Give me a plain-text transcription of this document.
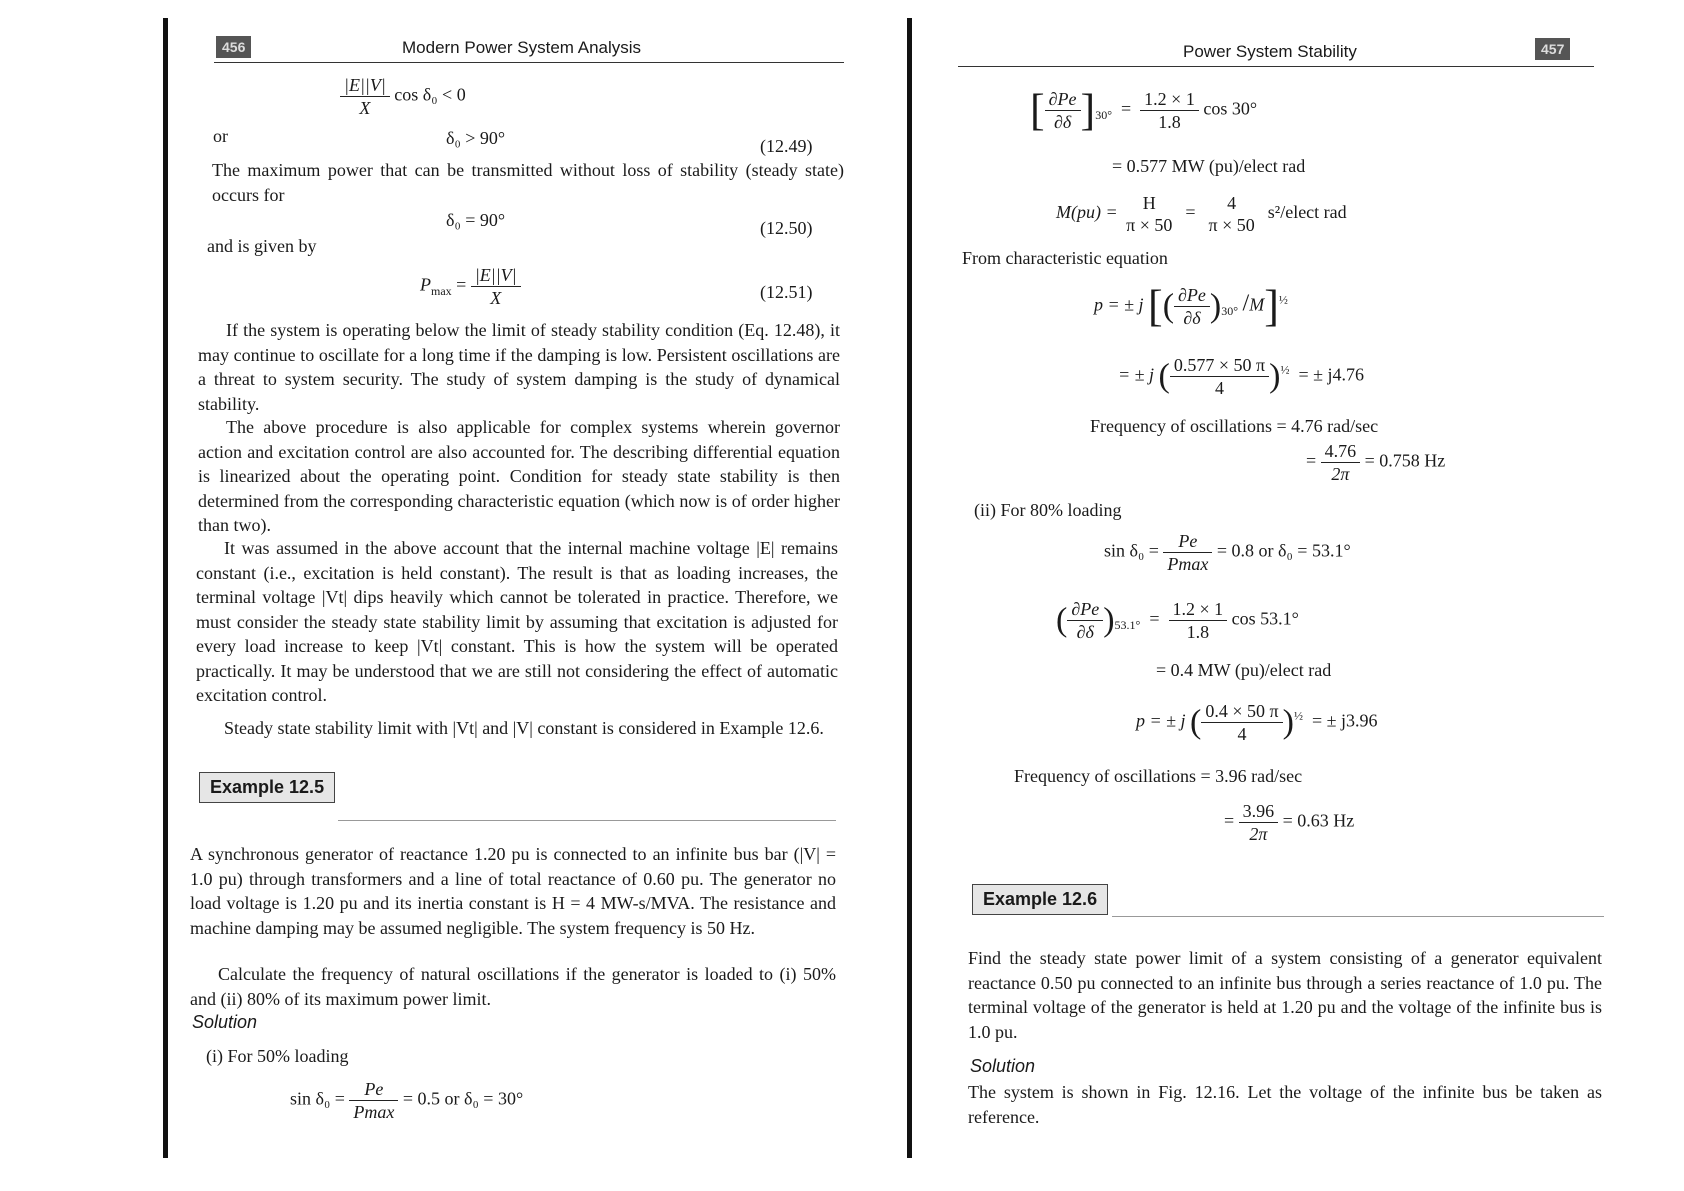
456	Modern Power System Analysis
$\frac{|E||V|}{X}$ cos δ₀ < 0
or	δ₀ > 90°	(12.49)
The maximum power that can be transmitted without loss of stability (steady state) occurs for
δ₀ = 90°	(12.50)
and is given by
$P_{max} = \frac{|E||V|}{X}$	(12.51)
If the system is operating below the limit of steady stability condition (Eq. 12.48), it may continue to oscillate for a long time if the damping is low. Persistent oscillations are a threat to system security. The study of system damping is the study of dynamical stability.
The above procedure is also applicable for complex systems wherein governor action and excitation control are also accounted for. The describing differential equation is linearized about the operating point. Condition for steady state stability is then determined from the corresponding characteristic equation (which now is of order higher than two).
It was assumed in the above account that the internal machine voltage |E| remains constant (i.e., excitation is held constant). The result is that as loading increases, the terminal voltage |Vt| dips heavily which cannot be tolerated in practice. Therefore, we must consider the steady state stability limit by assuming that excitation is adjusted for every load increase to keep |Vt| constant. This is how the system will be operated practically. It may be understood that we are still not considering the effect of automatic excitation control.
Steady state stability limit with |Vt| and |V| constant is considered in Example 12.6.
Example 12.5
A synchronous generator of reactance 1.20 pu is connected to an infinite bus bar (|V| = 1.0 pu) through transformers and a line of total reactance of 0.60 pu. The generator no load voltage is 1.20 pu and its inertia constant is H = 4 MW-s/MVA. The resistance and machine damping may be assumed negligible. The system frequency is 50 Hz.
Calculate the frequency of natural oscillations if the generator is loaded to (i) 50% and (ii) 80% of its maximum power limit.
Solution
(i) For 50% loading
$\sin \delta_0 = \frac{Pe}{Pmax} = 0.5$ or δ₀ = 30°
Power System Stability	457
[ $\frac{\partial Pe}{\partial\delta} ]_{30^\circ} = \frac{1.2 \times 1}{1.8}$ cos 30°
= 0.577 MW (pu)/elect rad
M(pu) =	H
π × 50
=	4
π × 50
s²/elect rad
From characteristic equation
p = ± j [( $\frac{\partial Pe}{\partial\delta} )_{30^\circ}$ /M]$^{\frac{1}{2}}$
= ± j ( $\frac{0.577 \times 50 \pi}{4} )^{\frac{1}{2}}$ = ± j4.76
Frequency of oscillations = 4.76 rad/sec
= $\frac{4.76}{2\pi} = 0.758$ Hz
(ii) For 80% loading
$\sin \delta_0 = \frac{Pe}{Pmax} = 0.8$ or δ₀ = 53.1°
( $\frac{\partial Pe}{\partial\delta} )_{53.1^\circ} = \frac{1.2 \times 1}{1.8}$ cos 53.1°
= 0.4 MW (pu)/elect rad
p = ± j ( $\frac{0.4 \times 50 \pi}{4} )^{\frac{1}{2}}$ = ± j3.96
Frequency of oscillations = 3.96 rad/sec
= $\frac{3.96}{2\pi} = 0.63$ Hz
Example 12.6
Find the steady state power limit of a system consisting of a generator equivalent reactance 0.50 pu connected to an infinite bus through a series reactance of 1.0 pu. The terminal voltage of the generator is held at 1.20 pu and the voltage of the infinite bus is 1.0 pu.
Solution
The system is shown in Fig. 12.16. Let the voltage of the infinite bus be taken as reference.
